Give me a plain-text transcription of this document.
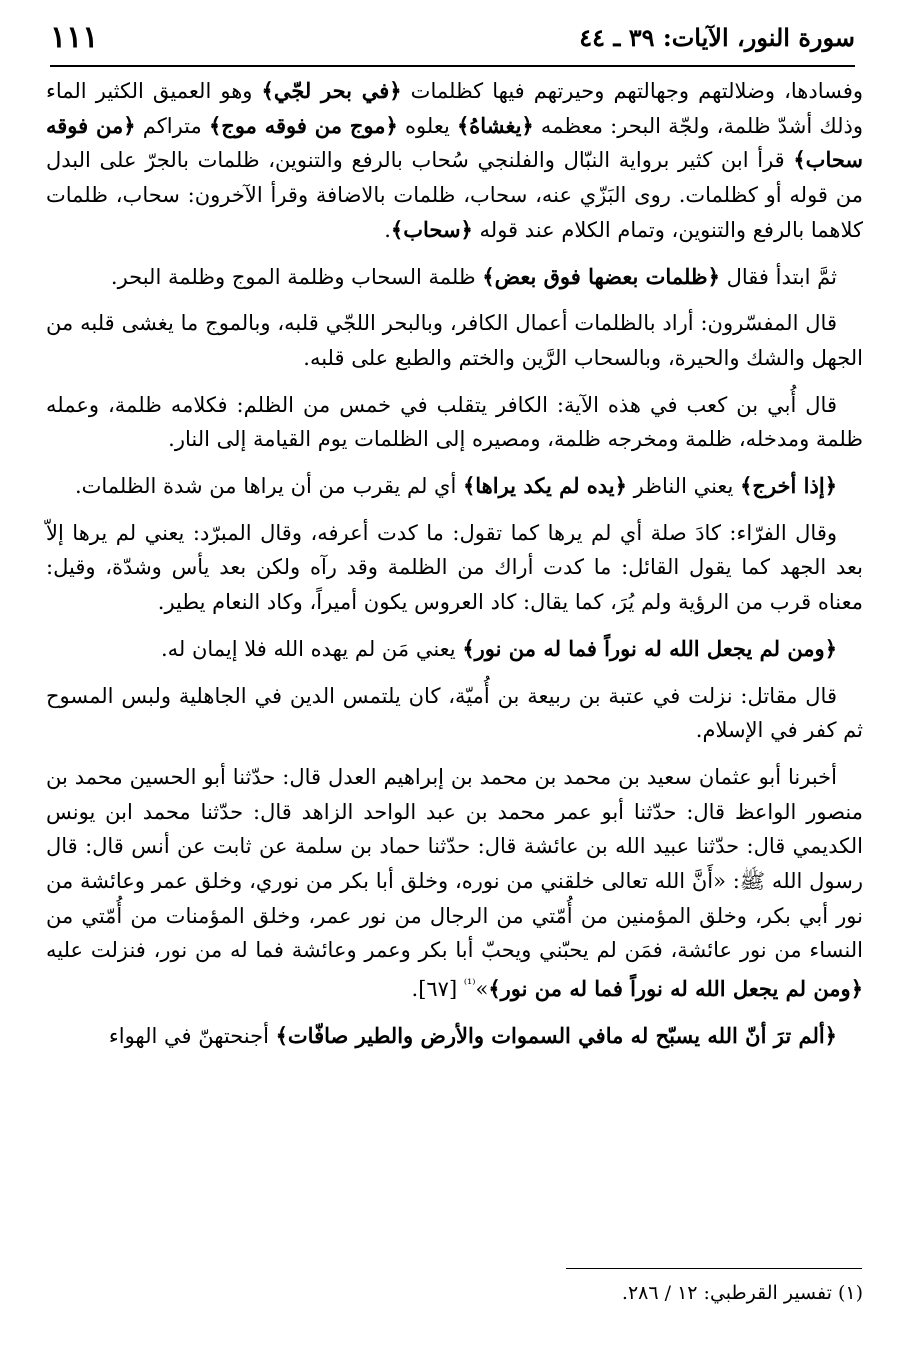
١١١	سورة النور، الآيات: ٣٩ ـ ٤٤

وفسادها، وضلالتهم وجهالتهم وحيرتهم فيها كظلمات ﴿في بحر لجّي﴾ وهو العميق الكثير الماء وذلك أشدّ ظلمة، ولجّة البحر: معظمه ﴿يغشاهُ﴾ يعلوه ﴿موج من فوقه موج﴾ متراكم ﴿من فوقه سحاب﴾ قرأ ابن كثير برواية النبّال والفلنجي سُحاب بالرفع والتنوين، ظلمات بالجرّ على البدل من قوله أو كظلمات. روى البَزّي عنه، سحاب، ظلمات بالاضافة وقرأ الآخرون: سحاب، ظلمات كلاهما بالرفع والتنوين، وتمام الكلام عند قوله ﴿سحاب﴾.

ثمَّ ابتدأ فقال ﴿ظلمات بعضها فوق بعض﴾ ظلمة السحاب وظلمة الموج وظلمة البحر.

قال المفسّرون: أراد بالظلمات أعمال الكافر، وبالبحر اللجّي قلبه، وبالموج ما يغشى قلبه من الجهل والشك والحيرة، وبالسحاب الرَّين والختم والطبع على قلبه.

قال أُبي بن كعب في هذه الآية: الكافر يتقلب في خمس من الظلم: فكلامه ظلمة، وعمله ظلمة ومدخله، ظلمة ومخرجه ظلمة، ومصيره إلى الظلمات يوم القيامة إلى النار.

﴿إذا أخرج﴾ يعني الناظر ﴿يده لم يكد يراها﴾ أي لم يقرب من أن يراها من شدة الظلمات.

وقال الفرّاء: كادَ صلة أي لم يرها كما تقول: ما كدت أعرفه، وقال المبرّد: يعني لم يرها إلاّ بعد الجهد كما يقول القائل: ما كدت أراك من الظلمة وقد رآه ولكن بعد يأس وشدّة، وقيل: معناه قرب من الرؤية ولم يُرَ، كما يقال: كاد العروس يكون أميراً، وكاد النعام يطير.

﴿ومن لم يجعل الله له نوراً فما له من نور﴾ يعني مَن لم يهده الله فلا إيمان له.

قال مقاتل: نزلت في عتبة بن ربيعة بن أُميّة، كان يلتمس الدين في الجاهلية ولبس المسوح ثم كفر في الإسلام.

أخبرنا أبو عثمان سعيد بن محمد بن محمد بن إبراهيم العدل قال: حدّثنا أبو الحسين محمد بن منصور الواعظ قال: حدّثنا أبو عمر محمد بن عبد الواحد الزاهد قال: حدّثنا محمد ابن يونس الكديمي قال: حدّثنا عبيد الله بن عائشة قال: حدّثنا حماد بن سلمة عن ثابت عن أنس قال: قال رسول الله ﷺ: «أَنَّ الله تعالى خلقني من نوره، وخلق أبا بكر من نوري، وخلق عمر وعائشة من نور أبي بكر، وخلق المؤمنين من أُمّتي من الرجال من نور عمر، وخلق المؤمنات من أُمّتي من النساء من نور عائشة، فمَن لم يحبّني ويحبّ أبا بكر وعمر وعائشة فما له من نور، فنزلت عليه ﴿ومن لم يجعل الله له نوراً فما له من نور﴾»$^{^{(1)}}$ [٦٧].

﴿ألم ترَ أنّ الله يسبّح له مافي السموات والأرض والطير صافّات﴾ أجنحتهنّ في الهواء

(١) تفسير القرطبي: ١٢ / ٢٨٦.
